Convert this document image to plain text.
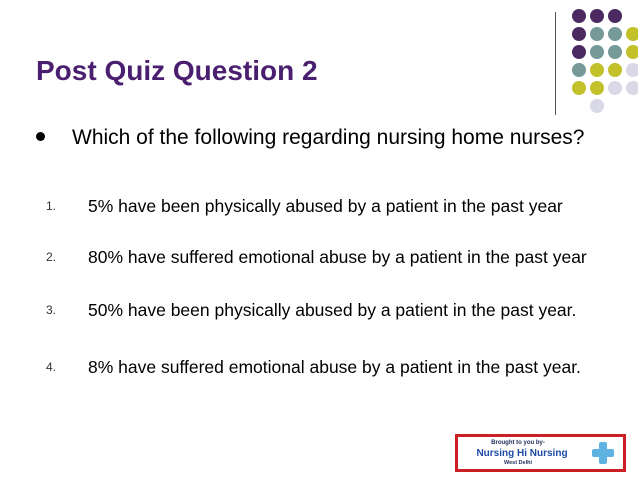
Post Quiz Question 2
Which of the following regarding nursing home nurses?
1.	5% have been physically abused by a patient in the past year
2.	80% have suffered emotional abuse by a patient in the past year
3.	50% have been physically abused by a patient in the past year.
4.	8% have suffered emotional abuse by a patient in the past year.
Brought to you by-
Nursing Hi Nursing
West Delhi
